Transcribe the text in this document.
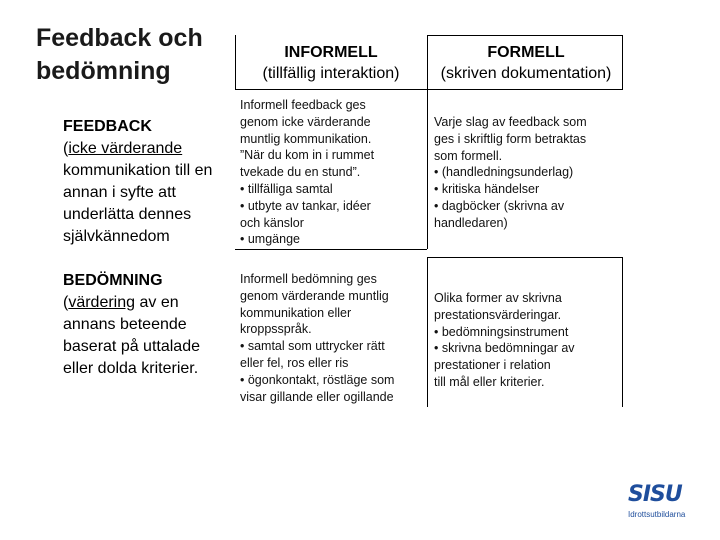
Feedback och
bedömning
FEEDBACK
(icke värderande kommunikation till en annan i syfte att underlätta dennes självkännedom
BEDÖMNING
(värdering av en annans beteende baserat på uttalade eller dolda kriterier.
INFORMELL
(tillfällig interaktion)
FORMELL
(skriven dokumentation)
Informell feedback ges
genom icke värderande
muntlig kommunikation.
”När du kom in i rummet
tvekade du en stund”.
• tillfälliga samtal
• utbyte av tankar, idéer
och känslor
• umgänge
Varje slag av feedback som
ges i skriftlig form betraktas
som formell.
• (handledningsunderlag)
• kritiska händelser
• dagböcker (skrivna av
handledaren)
Informell bedömning ges
genom värderande muntlig
kommunikation eller
kroppsspråk.
• samtal som uttrycker rätt
eller fel, ros eller ris
• ögonkontakt, röstläge som
visar gillande eller ogillande
Olika former av skrivna
prestationsvärderingar.
• bedömningsinstrument
• skrivna bedömningar av
prestationer i relation
till mål eller kriterier.
SISU
Idrottsutbildarna
